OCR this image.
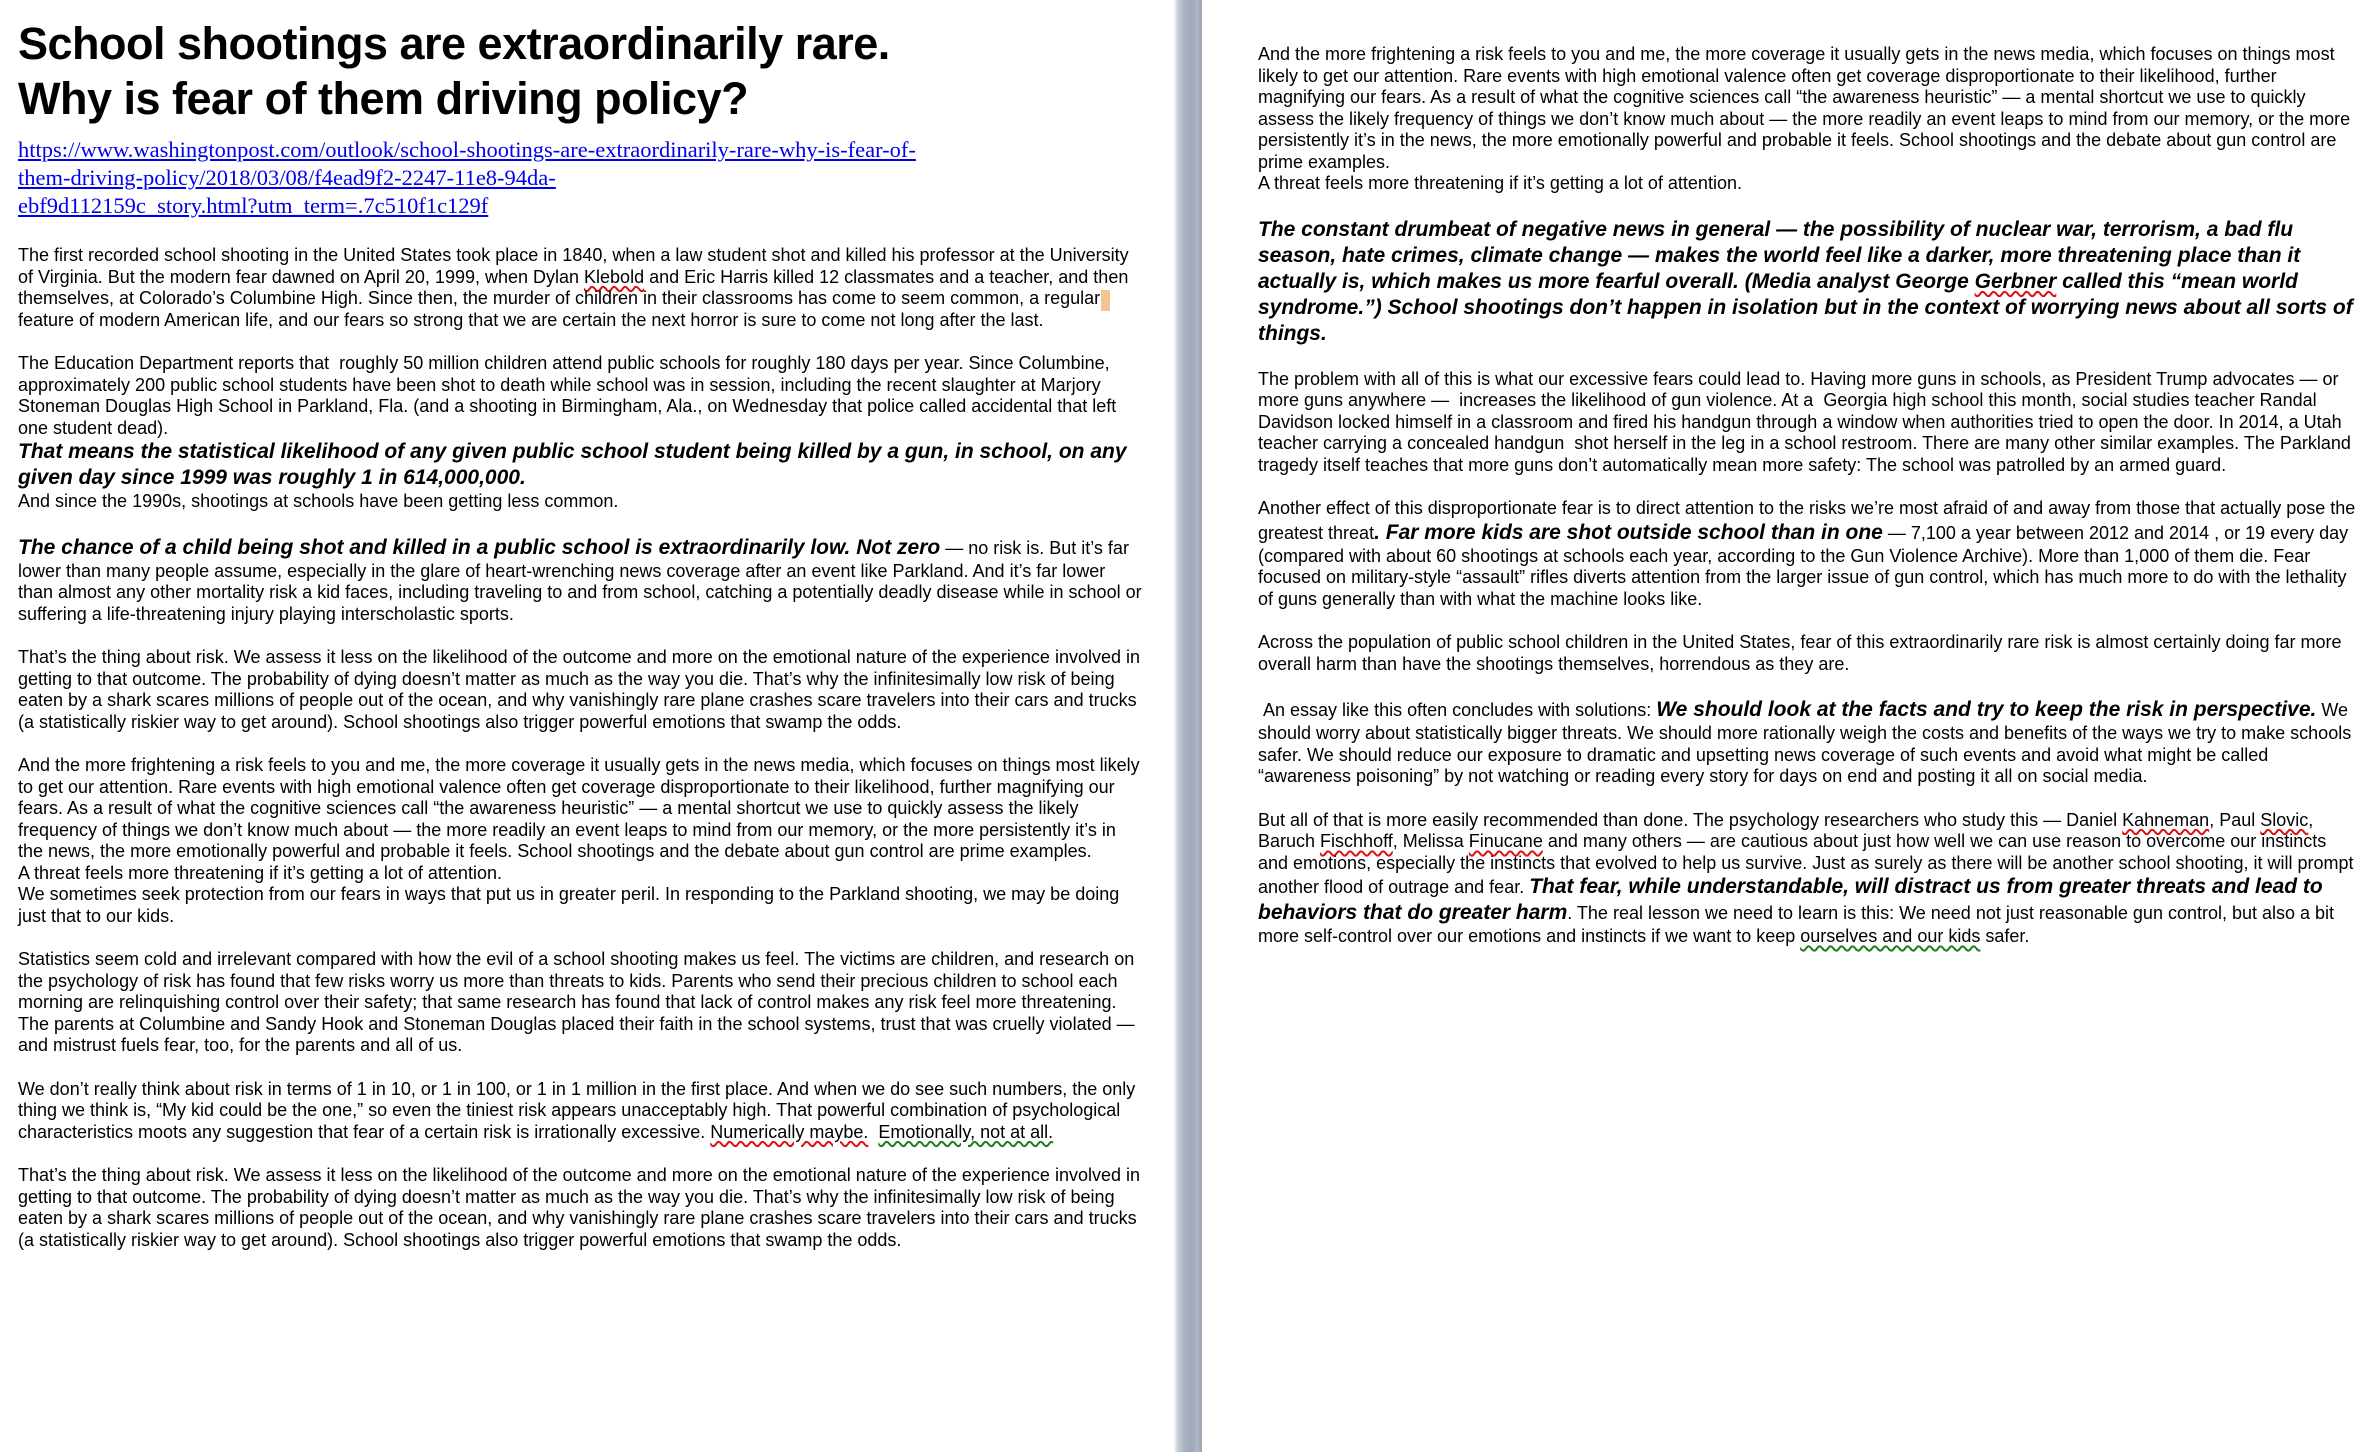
School shootings are extraordinarily rare.
Why is fear of them driving policy?
https://www.washingtonpost.com/outlook/school-shootings-are-extraordinarily-rare-why-is-fear-of-
them-driving-policy/2018/03/08/f4ead9f2-2247-11e8-94da-
ebf9d112159c_story.html?utm_term=.7c510f1c129f

The first recorded school shooting in the United States took place in 1840, when a law student shot and killed his professor at the University of Virginia. But the modern fear dawned on April 20, 1999, when Dylan Klebold and Eric Harris killed 12 classmates and a teacher, and then themselves, at Colorado’s Columbine High. Since then, the murder of children in their classrooms has come to seem common, a regularfeature of modern American life, and our fears so strong that we are certain the next horror is sure to come not long after the last.

The Education Department reports that  roughly 50 million children attend public schools for roughly 180 days per year. Since Columbine, approximately 200 public school students have been shot to death while school was in session, including the recent slaughter at Marjory Stoneman Douglas High School in Parkland, Fla. (and a shooting in Birmingham, Ala., on Wednesday that police called accidental that left one student dead).
That means the statistical likelihood of any given public school student being killed by a gun, in school, on any given day since 1999 was roughly 1 in 614,000,000.
And since the 1990s, shootings at schools have been getting less common.

The chance of a child being shot and killed in a public school is extraordinarily low. Not zero — no risk is. But it’s far lower than many people assume, especially in the glare of heart-wrenching news coverage after an event like Parkland. And it’s far lower than almost any other mortality risk a kid faces, including traveling to and from school, catching a potentially deadly disease while in school or suffering a life-threatening injury playing interscholastic sports.

That’s the thing about risk. We assess it less on the likelihood of the outcome and more on the emotional nature of the experience involved in getting to that outcome. The probability of dying doesn’t matter as much as the way you die. That’s why the infinitesimally low risk of being eaten by a shark scares millions of people out of the ocean, and why vanishingly rare plane crashes scare travelers into their cars and trucks (a statistically riskier way to get around). School shootings also trigger powerful emotions that swamp the odds.

And the more frightening a risk feels to you and me, the more coverage it usually gets in the news media, which focuses on things most likely to get our attention. Rare events with high emotional valence often get coverage disproportionate to their likelihood, further magnifying our fears. As a result of what the cognitive sciences call “the awareness heuristic” — a mental shortcut we use to quickly assess the likely frequency of things we don’t know much about — the more readily an event leaps to mind from our memory, or the more persistently it’s in the news, the more emotionally powerful and probable it feels. School shootings and the debate about gun control are prime examples.
A threat feels more threatening if it’s getting a lot of attention.
We sometimes seek protection from our fears in ways that put us in greater peril. In responding to the Parkland shooting, we may be doing just that to our kids.

Statistics seem cold and irrelevant compared with how the evil of a school shooting makes us feel. The victims are children, and research on the psychology of risk has found that few risks worry us more than threats to kids. Parents who send their precious children to school each morning are relinquishing control over their safety; that same research has found that lack of control makes any risk feel more threatening. The parents at Columbine and Sandy Hook and Stoneman Douglas placed their faith in the school systems, trust that was cruelly violated — and mistrust fuels fear, too, for the parents and all of us.

We don’t really think about risk in terms of 1 in 10, or 1 in 100, or 1 in 1 million in the first place. And when we do see such numbers, the only thing we think is, “My kid could be the one,” so even the tiniest risk appears unacceptably high. That powerful combination of psychological characteristics moots any suggestion that fear of a certain risk is irrationally excessive. Numerically maybe. Emotionally, not at all.

That’s the thing about risk. We assess it less on the likelihood of the outcome and more on the emotional nature of the experience involved in getting to that outcome. The probability of dying doesn’t matter as much as the way you die. That’s why the infinitesimally low risk of being eaten by a shark scares millions of people out of the ocean, and why vanishingly rare plane crashes scare travelers into their cars and trucks (a statistically riskier way to get around). School shootings also trigger powerful emotions that swamp the odds.

And the more frightening a risk feels to you and me, the more coverage it usually gets in the news media, which focuses on things most likely to get our attention. Rare events with high emotional valence often get coverage disproportionate to their likelihood, further magnifying our fears. As a result of what the cognitive sciences call “the awareness heuristic” — a mental shortcut we use to quickly assess the likely frequency of things we don’t know much about — the more readily an event leaps to mind from our memory, or the more persistently it’s in the news, the more emotionally powerful and probable it feels. School shootings and the debate about gun control are prime examples.
A threat feels more threatening if it’s getting a lot of attention.

The constant drumbeat of negative news in general — the possibility of nuclear war, terrorism, a bad flu season, hate crimes, climate change — makes the world feel like a darker, more threatening place than it actually is, which makes us more fearful overall. (Media analyst George Gerbner called this “mean world syndrome.”) School shootings don’t happen in isolation but in the context of worrying news about all sorts of things.

The problem with all of this is what our excessive fears could lead to. Having more guns in schools, as President Trump advocates — or more guns anywhere —  increases the likelihood of gun violence. At a  Georgia high school this month, social studies teacher Randal Davidson locked himself in a classroom and fired his handgun through a window when authorities tried to open the door. In 2014, a Utah teacher carrying a concealed handgun  shot herself in the leg in a school restroom. There are many other similar examples. The Parkland tragedy itself teaches that more guns don’t automatically mean more safety: The school was patrolled by an armed guard.

Another effect of this disproportionate fear is to direct attention to the risks we’re most afraid of and away from those that actually pose the greatest threat. Far more kids are shot outside school than in one — 7,100 a year between 2012 and 2014 , or 19 every day (compared with about 60 shootings at schools each year, according to the Gun Violence Archive). More than 1,000 of them die. Fear focused on military-style “assault” rifles diverts attention from the larger issue of gun control, which has much more to do with the lethality of guns generally than with what the machine looks like.

Across the population of public school children in the United States, fear of this extraordinarily rare risk is almost certainly doing far more overall harm than have the shootings themselves, horrendous as they are.

An essay like this often concludes with solutions: We should look at the facts and try to keep the risk in perspective. We should worry about statistically bigger threats. We should more rationally weigh the costs and benefits of the ways we try to make schools safer. We should reduce our exposure to dramatic and upsetting news coverage of such events and avoid what might be called “awareness poisoning” by not watching or reading every story for days on end and posting it all on social media.

But all of that is more easily recommended than done. The psychology researchers who study this — Daniel Kahneman, Paul Slovic, Baruch Fischhoff, Melissa Finucane and many others — are cautious about just how well we can use reason to overcome our instincts and emotions, especially the instincts that evolved to help us survive. Just as surely as there will be another school shooting, it will prompt another flood of outrage and fear. That fear, while understandable, will distract us from greater threats and lead to behaviors that do greater harm. The real lesson we need to learn is this: We need not just reasonable gun control, but also a bit more self-control over our emotions and instincts if we want to keep ourselves and our kids safer.
